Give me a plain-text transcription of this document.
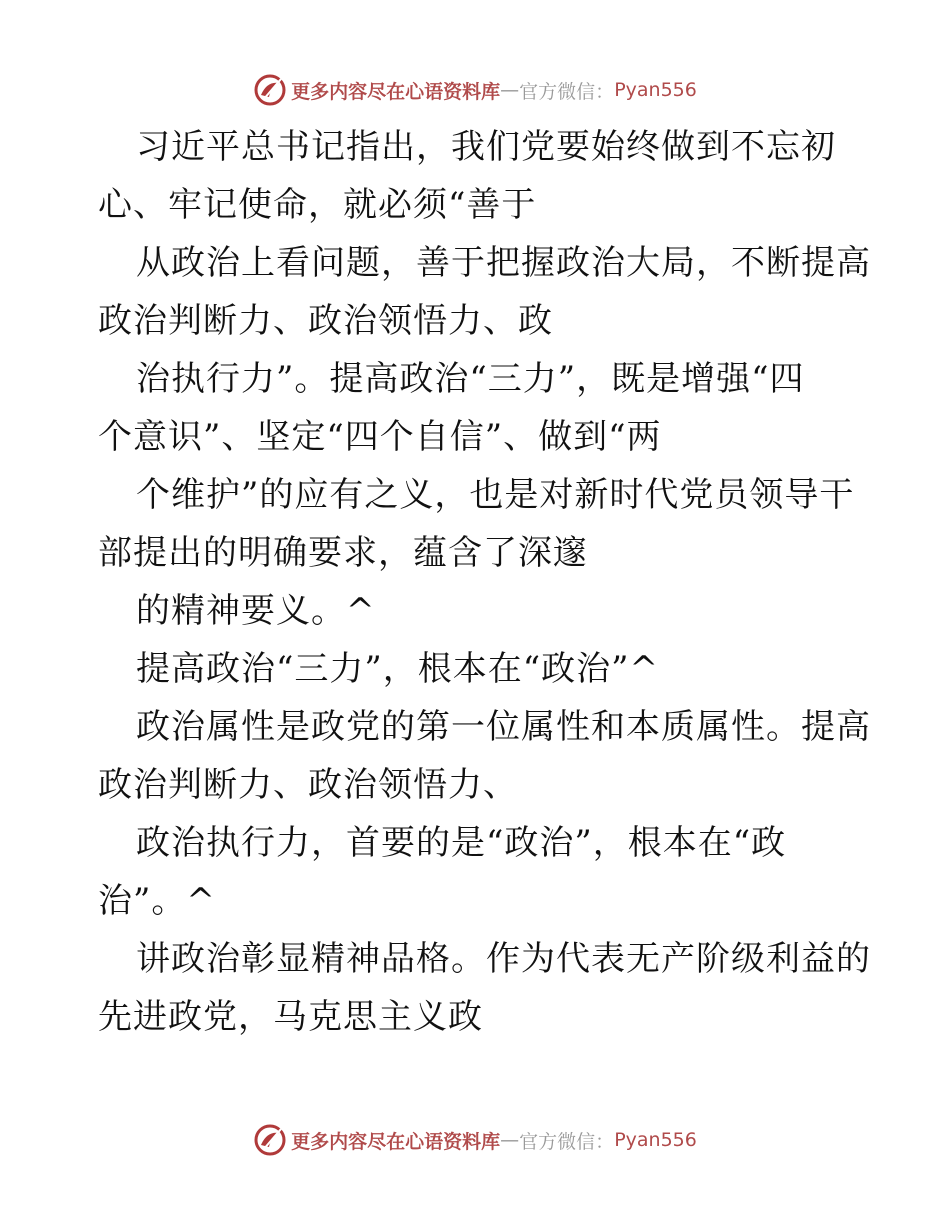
更多内容尽在心语资料库 — 官方微信： Pyan556
习近平总书记指出，我们党要始终做到不忘初
心、牢记使命，就必须“善于
从政治上看问题，善于把握政治大局，不断提高
政治判断力、政治领悟力、政
治执行力”。提高政治“三力”，既是增强“四
个意识”、坚定“四个自信”、做到“两
个维护”的应有之义，也是对新时代党员领导干
部提出的明确要求，蕴含了深邃
的精神要义。^
提高政治“三力”，根本在“政治”^
政治属性是政党的第一位属性和本质属性。提高
政治判断力、政治领悟力、
政治执行力，首要的是“政治”，根本在“政
治”。^
讲政治彰显精神品格。作为代表无产阶级利益的
先进政党，马克思主义政
更多内容尽在心语资料库 — 官方微信： Pyan556
